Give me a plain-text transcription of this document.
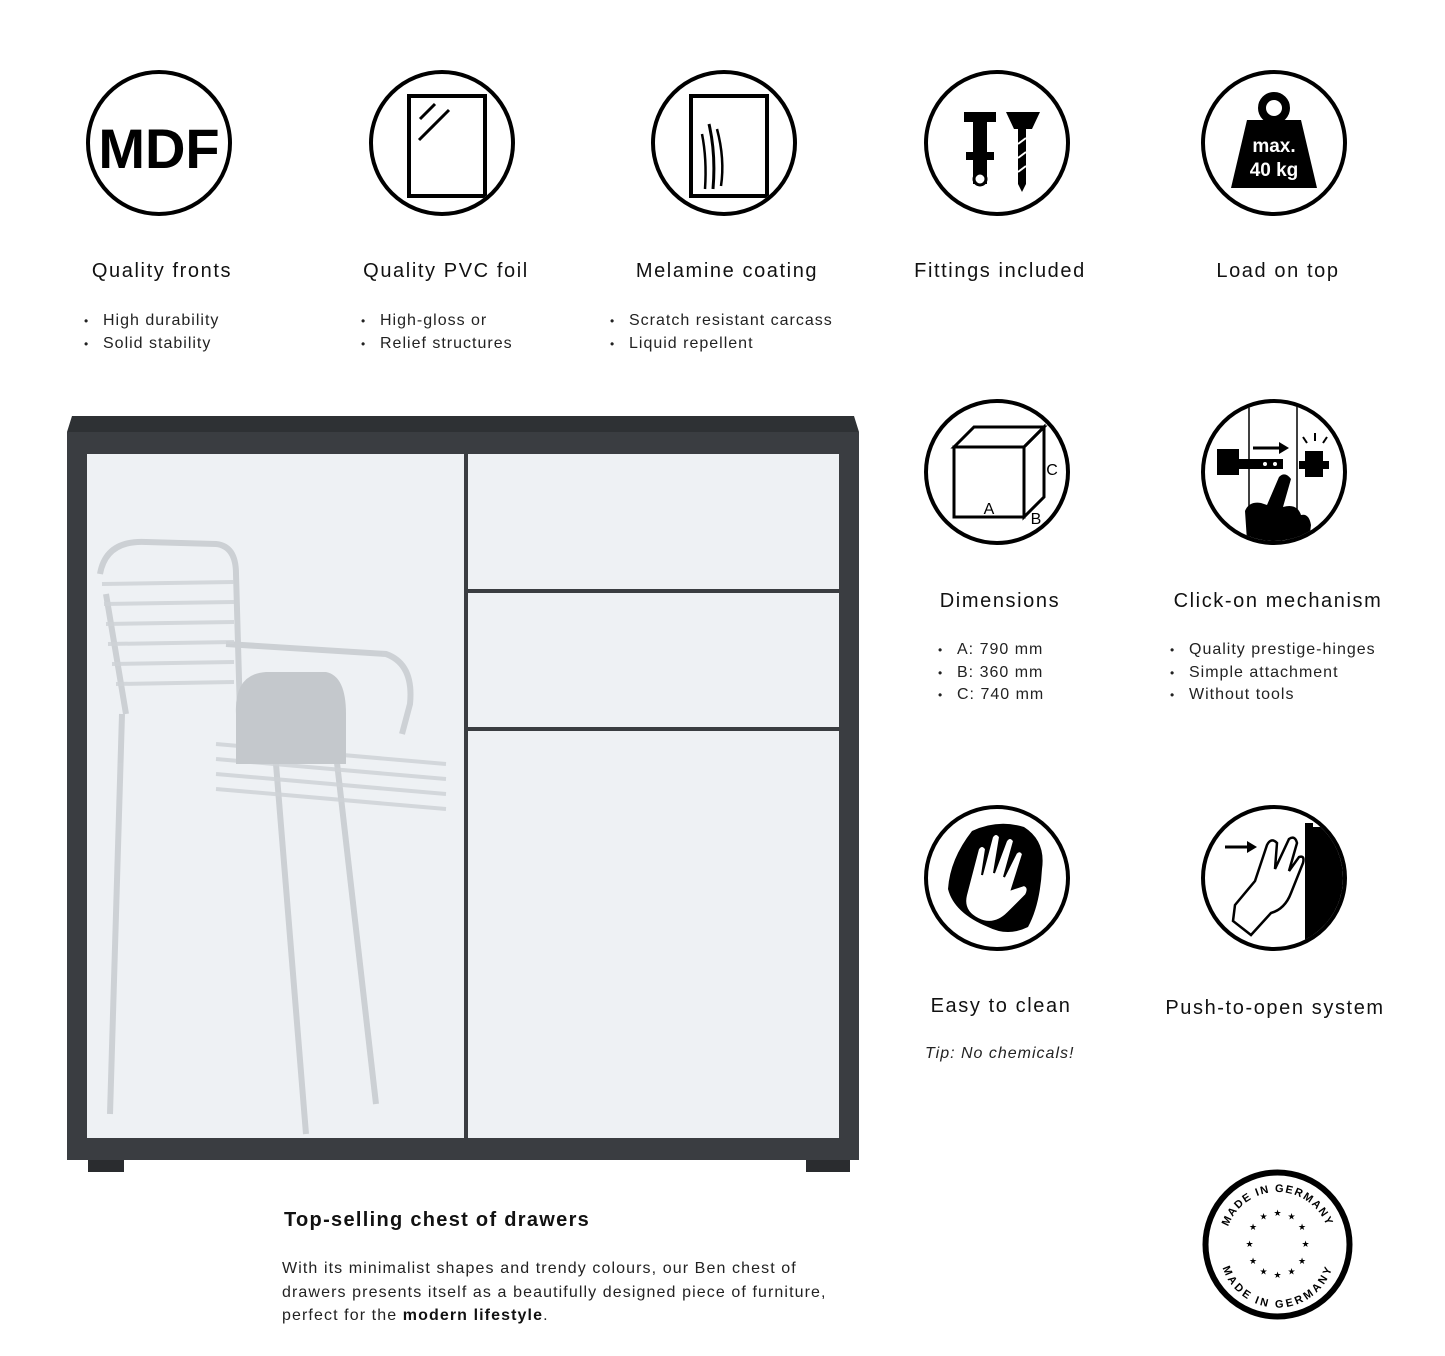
MDF	max.
40 kg
Quality fronts	Quality PVC foil	Melamine coating	Fittings included	Load on top
• High durability
• Solid stability
• High-gloss or
• Relief structures
• Scratch resistant carcass
• Liquid repellent
A
B
C
Dimensions	Click-on mechanism
• A: 790 mm
• B: 360 mm
• C: 740 mm
• Quality prestige-hinges
• Simple attachment
• Without tools
Easy to clean	Push-to-open system
Tip: No chemicals!
MADE IN GERMANY
MADE IN GERMANY
★ ★
★
★
★
★
★
★
★
★
★
★
Top-selling chest of drawers
With its minimalist shapes and trendy colours, our Ben chest of drawers presents itself as a beautifully designed piece of furniture, perfect for the modern lifestyle.
